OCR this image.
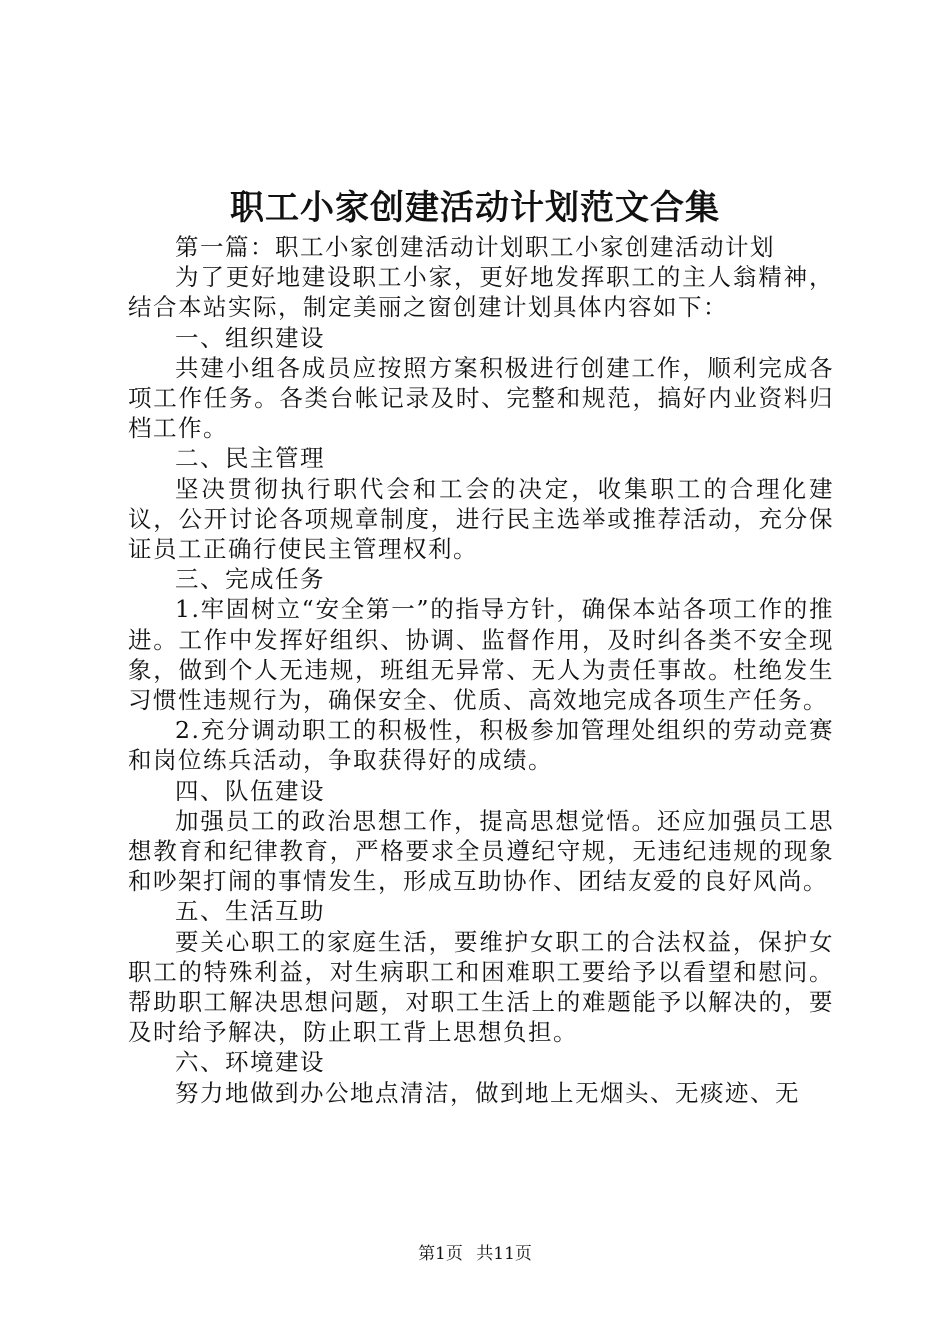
职工小家创建活动计划范文合集

第一篇：职工小家创建活动计划职工小家创建活动计划

为了更好地建设职工小家，更好地发挥职工的主人翁精神，结合本站实际，制定美丽之窗创建计划具体内容如下：

一、组织建设

共建小组各成员应按照方案积极进行创建工作，顺利完成各项工作任务。各类台帐记录及时、完整和规范，搞好内业资料归档工作。

二、民主管理

坚决贯彻执行职代会和工会的决定，收集职工的合理化建议，公开讨论各项规章制度，进行民主选举或推荐活动，充分保证员工正确行使民主管理权利。

三、完成任务

1.牢固树立“安全第一”的指导方针，确保本站各项工作的推进。工作中发挥好组织、协调、监督作用，及时纠各类不安全现象，做到个人无违规，班组无异常、无人为责任事故。杜绝发生习惯性违规行为，确保安全、优质、高效地完成各项生产任务。

2.充分调动职工的积极性，积极参加管理处组织的劳动竞赛和岗位练兵活动，争取获得好的成绩。

四、队伍建设

加强员工的政治思想工作，提高思想觉悟。还应加强员工思想教育和纪律教育，严格要求全员遵纪守规，无违纪违规的现象和吵架打闹的事情发生，形成互助协作、团结友爱的良好风尚。

五、生活互助

要关心职工的家庭生活，要维护女职工的合法权益，保护女职工的特殊利益，对生病职工和困难职工要给予以看望和慰问。帮助职工解决思想问题，对职工生活上的难题能予以解决的，要及时给予解决，防止职工背上思想负担。

六、环境建设

努力地做到办公地点清洁，做到地上无烟头、无痰迹、无

第1页 共11页
